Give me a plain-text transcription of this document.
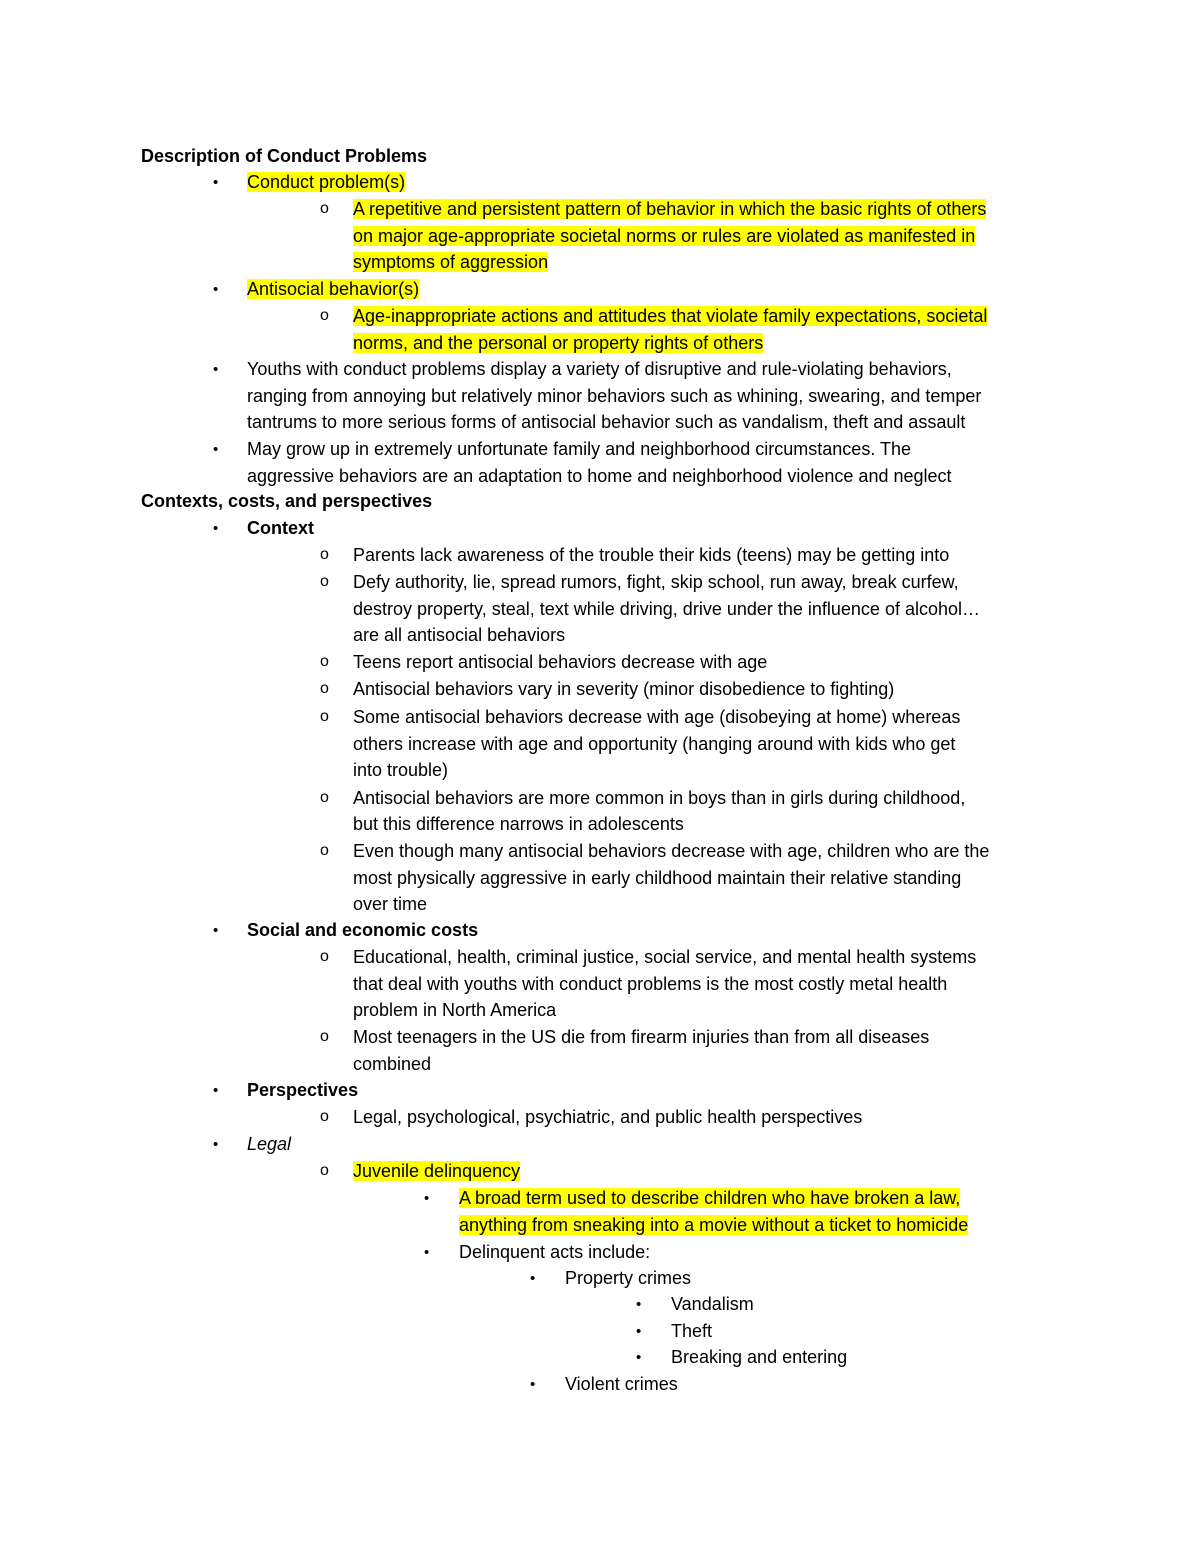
Description of Conduct Problems
• Conduct problem(s)
o A repetitive and persistent pattern of behavior in which the basic rights of others
on major age-appropriate societal norms or rules are violated as manifested in
symptoms of aggression
• Antisocial behavior(s)
o Age-inappropriate actions and attitudes that violate family expectations, societal
norms, and the personal or property rights of others
• Youths with conduct problems display a variety of disruptive and rule-violating behaviors,
ranging from annoying but relatively minor behaviors such as whining, swearing, and temper
tantrums to more serious forms of antisocial behavior such as vandalism, theft and assault
• May grow up in extremely unfortunate family and neighborhood circumstances. The
aggressive behaviors are an adaptation to home and neighborhood violence and neglect
Contexts, costs, and perspectives
• Context
o Parents lack awareness of the trouble their kids (teens) may be getting into
o Defy authority, lie, spread rumors, fight, skip school, run away, break curfew,
destroy property, steal, text while driving, drive under the influence of alcohol…
are all antisocial behaviors
o Teens report antisocial behaviors decrease with age
o Antisocial behaviors vary in severity (minor disobedience to fighting)
o Some antisocial behaviors decrease with age (disobeying at home) whereas
others increase with age and opportunity (hanging around with kids who get
into trouble)
o Antisocial behaviors are more common in boys than in girls during childhood,
but this difference narrows in adolescents
o Even though many antisocial behaviors decrease with age, children who are the
most physically aggressive in early childhood maintain their relative standing
over time
• Social and economic costs
o Educational, health, criminal justice, social service, and mental health systems
that deal with youths with conduct problems is the most costly metal health
problem in North America
o Most teenagers in the US die from firearm injuries than from all diseases
combined
• Perspectives
o Legal, psychological, psychiatric, and public health perspectives
• Legal
o Juvenile delinquency
• A broad term used to describe children who have broken a law,
anything from sneaking into a movie without a ticket to homicide
• Delinquent acts include:
• Property crimes
• Vandalism
• Theft
• Breaking and entering
• Violent crimes
